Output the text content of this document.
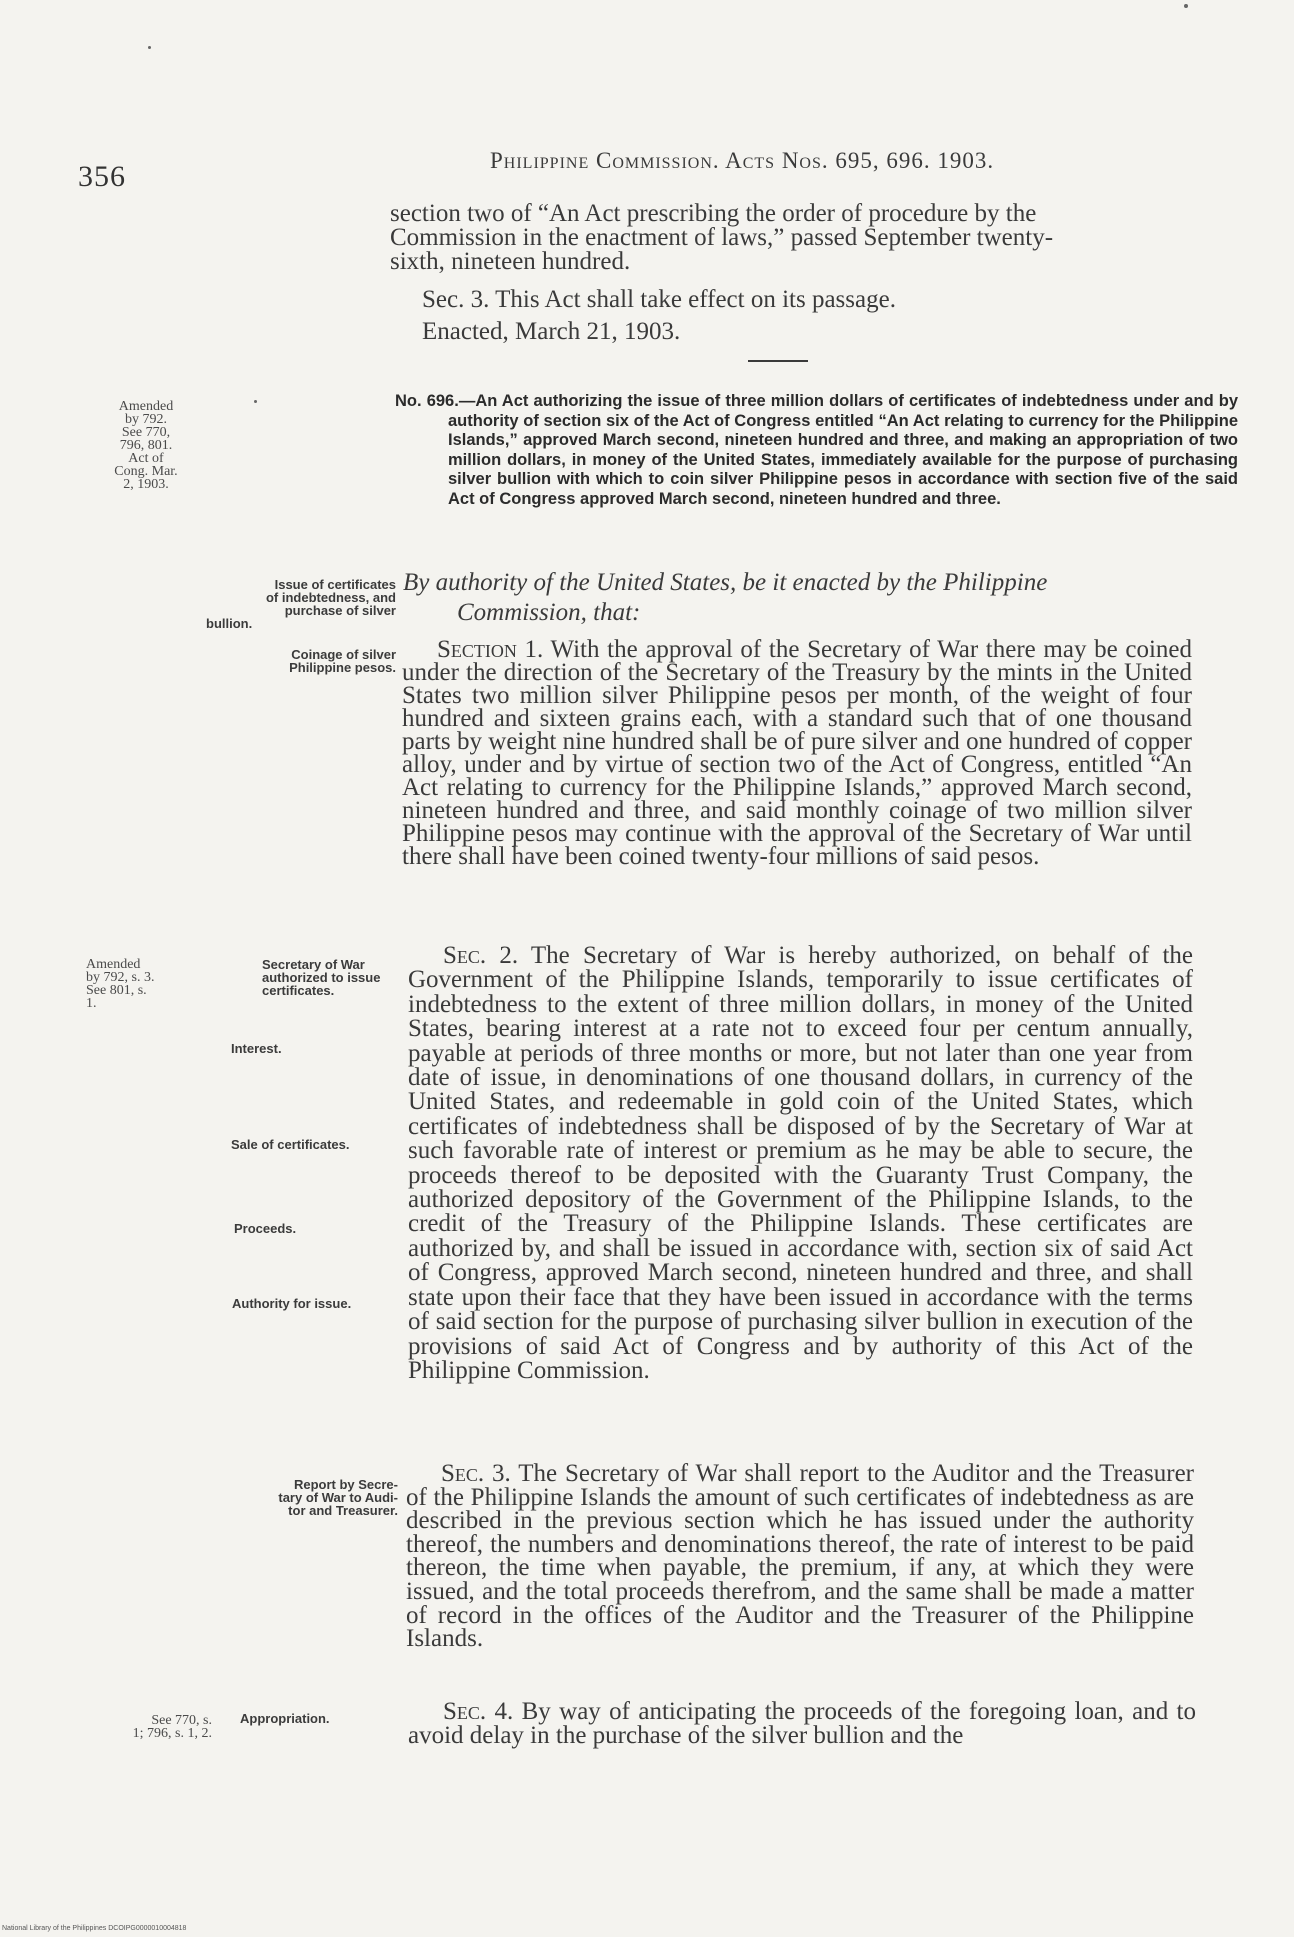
356	Philippine Commission. Acts Nos. 695, 696. 1903.

section two of “An Act prescribing the order of procedure by the

Commission in the enactment of laws,” passed September twenty-

sixth, nineteen hundred.

Sec. 3. This Act shall take effect on its passage.
Enacted, March 21, 1903.
No. 696.—An Act authorizing the issue of three million dollars of certificates of indebtedness under and by authority of section six of the Act of Congress entitled “An Act relating to currency for the Philippine Islands,” approved March second, nineteen hundred and three, and making an appropriation of two million dollars, in money of the United States, immediately available for the purpose of purchasing silver bullion with which to coin silver Philippine pesos in accordance with section five of the said Act of Congress approved March second, nineteen hundred and three.
By authority of the United States, be it enacted by the Philippine
Commission, that:

Section 1. With the approval of the Secretary of War there may be coined under the direction of the Secretary of the Treasury by the mints in the United States two million silver Philippine pesos per month, of the weight of four hundred and sixteen grains each, with a standard such that of one thousand parts by weight nine hundred shall be of pure silver and one hundred of copper alloy, under and by virtue of section two of the Act of Congress, entitled “An Act relating to currency for the Philippine Islands,” approved March second, nineteen hundred and three, and said monthly coinage of two million silver Philippine pesos may continue with the approval of the Secretary of War until there shall have been coined twenty-four millions of said pesos.

Sec. 2. The Secretary of War is hereby authorized, on behalf of the Government of the Philippine Islands, temporarily to issue certificates of indebtedness to the extent of three million dollars, in money of the United States, bearing interest at a rate not to exceed four per centum annually, payable at periods of three months or more, but not later than one year from date of issue, in denominations of one thousand dollars, in currency of the United States, and redeemable in gold coin of the United States, which certificates of indebtedness shall be disposed of by the Secretary of War at such favorable rate of interest or premium as he may be able to secure, the proceeds thereof to be deposited with the Guaranty Trust Company, the authorized depository of the Government of the Philippine Islands, to the credit of the Treasury of the Philippine Islands. These certificates are authorized by, and shall be issued in accordance with, section six of said Act of Congress, approved March second, nineteen hundred and three, and shall state upon their face that they have been issued in accordance with the terms of said section for the purpose of purchasing silver bullion in execution of the provisions of said Act of Congress and by authority of this Act of the Philippine Commission.

Sec. 3. The Secretary of War shall report to the Auditor and the Treasurer of the Philippine Islands the amount of such certificates of indebtedness as are described in the previous section which he has issued under the authority thereof, the numbers and denominations thereof, the rate of interest to be paid thereon, the time when payable, the premium, if any, at which they were issued, and the total proceeds therefrom, and the same shall be made a matter of record in the offices of the Auditor and the Treasurer of the Philippine Islands.

Sec. 4. By way of anticipating the proceeds of the foregoing loan, and to avoid delay in the purchase of the silver bullion and the

Amended
by 792.
See 770,
796, 801.
Act of
Cong. Mar.
2, 1903.
Issue of certificates
of indebtedness, and
purchase of silver
bullion.
Coinage of silver
Philippine pesos.
Amended
by 792, s. 3.
See 801, s.
1.
Secretary of War
authorized to issue
certificates.
Interest.
Sale of certificates.
Proceeds.
Authority for issue.
Report by Secre-
tary of War to Audi-
tor and Treasurer.
See 770, s.
1; 796, s. 1, 2.
Appropriation.
National Library of the Philippines DCOIPG0000010004818
